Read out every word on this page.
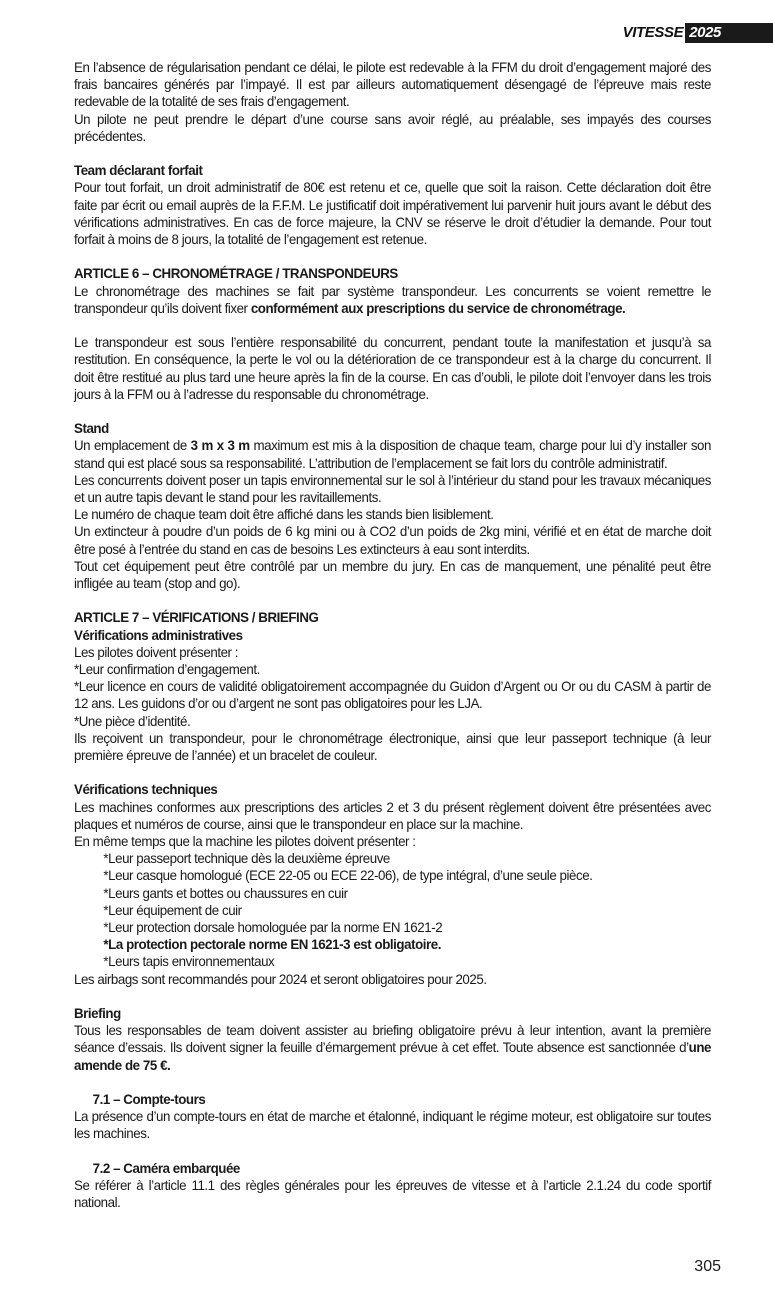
VITESSE 2025

En l’absence de régularisation pendant ce délai, le pilote est redevable à la FFM du droit d’engagement majoré des frais bancaires générés par l’impayé. Il est par ailleurs automatiquement désengagé de l’épreuve mais reste redevable de la totalité de ses frais d’engagement.

Un pilote ne peut prendre le départ d’une course sans avoir réglé, au préalable, ses impayés des courses précédentes.

Team déclarant forfait

Pour tout forfait, un droit administratif de 80€ est retenu et ce, quelle que soit la raison. Cette déclaration doit être faite par écrit ou email auprès de la F.F.M. Le justificatif doit impérativement lui parvenir huit jours avant le début des vérifications administratives. En cas de force majeure, la CNV se réserve le droit d’étudier la demande. Pour tout forfait à moins de 8 jours, la totalité de l’engagement est retenue.

ARTICLE 6 – CHRONOMÉTRAGE / TRANSPONDEURS

Le chronométrage des machines se fait par système transpondeur. Les concurrents se voient remettre le transpondeur qu’ils doivent fixer conformément aux prescriptions du service de chronométrage.

Le transpondeur est sous l’entière responsabilité du concurrent, pendant toute la manifestation et jusqu’à sa restitution. En conséquence, la perte le vol ou la détérioration de ce transpondeur est à la charge du concurrent. Il doit être restitué au plus tard une heure après la fin de la course. En cas d’oubli, le pilote doit l’envoyer dans les trois jours à la FFM ou à l’adresse du responsable du chronométrage.

Stand

Un emplacement de 3 m x 3 m maximum est mis à la disposition de chaque team, charge pour lui d’y installer son stand qui est placé sous sa responsabilité. L’attribution de l’emplacement se fait lors du contrôle administratif.

Les concurrents doivent poser un tapis environnemental sur le sol à l’intérieur du stand pour les travaux mécaniques et un autre tapis devant le stand pour les ravitaillements.

Le numéro de chaque team doit être affiché dans les stands bien lisiblement.

Un extincteur à poudre d’un poids de 6 kg mini ou à CO2 d’un poids de 2kg mini, vérifié et en état de marche doit être posé à l’entrée du stand en cas de besoins Les extincteurs à eau sont interdits.

Tout cet équipement peut être contrôlé par un membre du jury. En cas de manquement, une pénalité peut être infligée au team (stop and go).

ARTICLE 7 – VÉRIFICATIONS / BRIEFING

Vérifications administratives

Les pilotes doivent présenter :

*Leur confirmation d’engagement.

*Leur licence en cours de validité obligatoirement accompagnée du Guidon d’Argent ou Or ou du CASM à partir de 12 ans. Les guidons d’or ou d’argent ne sont pas obligatoires pour les LJA.

*Une pièce d’identité.

Ils reçoivent un transpondeur, pour le chronométrage électronique, ainsi que leur passeport technique (à leur première épreuve de l’année) et un bracelet de couleur.

Vérifications techniques

Les machines conformes aux prescriptions des articles 2 et 3 du présent règlement doivent être présentées avec plaques et numéros de course, ainsi que le transpondeur en place sur la machine.

En même temps que la machine les pilotes doivent présenter :

*Leur passeport technique dès la deuxième épreuve

*Leur casque homologué (ECE 22-05 ou ECE 22-06), de type intégral, d’une seule pièce.

*Leurs gants et bottes ou chaussures en cuir

*Leur équipement de cuir

*Leur protection dorsale homologuée par la norme EN 1621-2

*La protection pectorale norme EN 1621-3 est obligatoire.

*Leurs tapis environnementaux

Les airbags sont recommandés pour 2024 et seront obligatoires pour 2025.

Briefing

Tous les responsables de team doivent assister au briefing obligatoire prévu à leur intention, avant la première séance d’essais. Ils doivent signer la feuille d’émargement prévue à cet effet. Toute absence est sanctionnée d’une amende de 75 €.

7.1 – Compte-tours

La présence d’un compte-tours en état de marche et étalonné, indiquant le régime moteur, est obligatoire sur toutes les machines.

7.2 – Caméra embarquée

Se référer à l’article 11.1 des règles générales pour les épreuves de vitesse et à l’article 2.1.24 du code sportif national.

305
